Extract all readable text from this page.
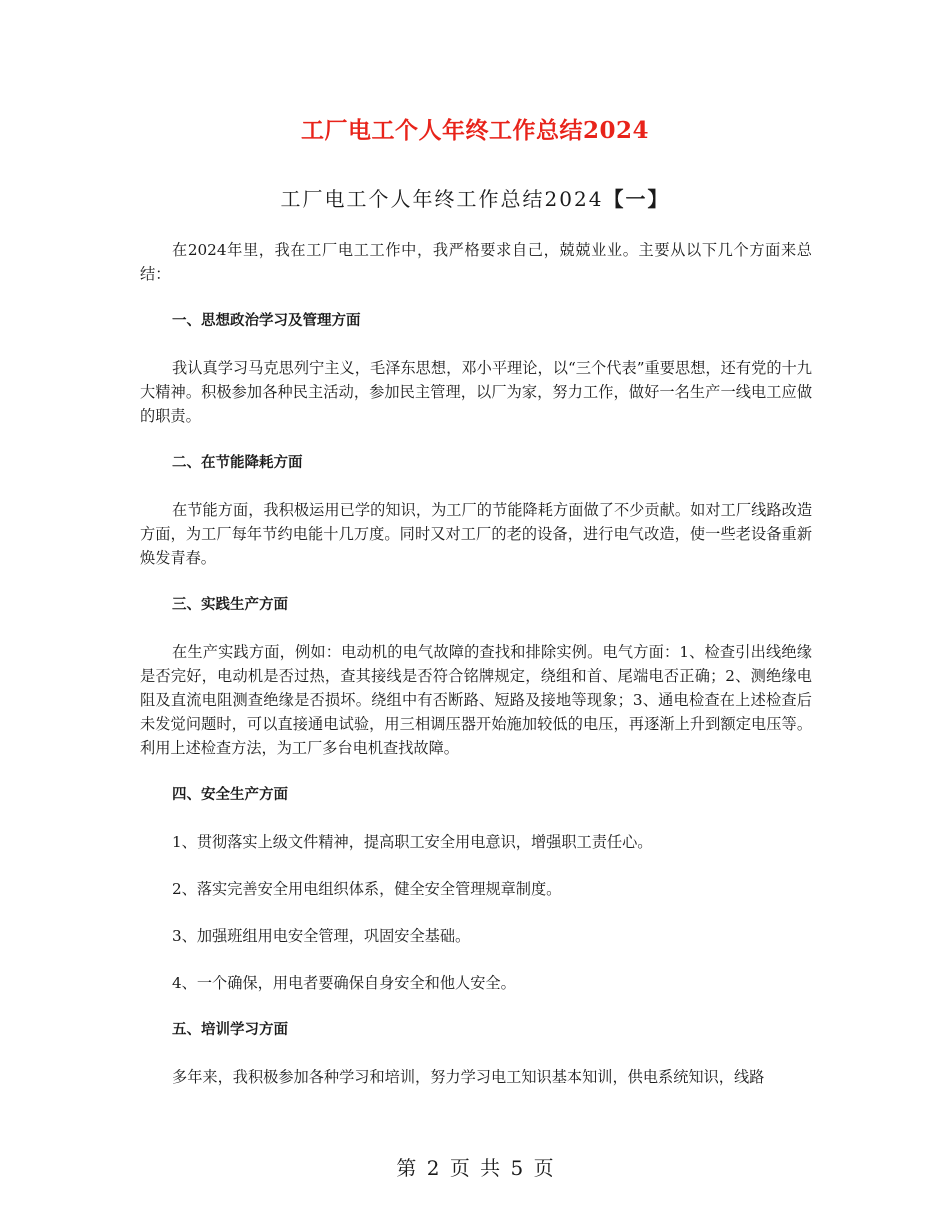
工厂电工个人年终工作总结2024
工厂电工个人年终工作总结2024【一】

在2024年里，我在工厂电工工作中，我严格要求自己，兢兢业业。主要从以下几个方面来总结：

一、思想政治学习及管理方面

我认真学习马克思列宁主义，毛泽东思想，邓小平理论，以“三个代表”重要思想，还有党的十九大精神。积极参加各种民主活动，参加民主管理，以厂为家，努力工作，做好一名生产一线电工应做的职责。

二、在节能降耗方面

在节能方面，我积极运用已学的知识，为工厂的节能降耗方面做了不少贡献。如对工厂线路改造方面，为工厂每年节约电能十几万度。同时又对工厂的老的设备，进行电气改造，使一些老设备重新焕发青春。

三、实践生产方面

在生产实践方面，例如：电动机的电气故障的查找和排除实例。电气方面：1、检查引出线绝缘是否完好，电动机是否过热，查其接线是否符合铭牌规定，绕组和首、尾端电否正确；2、测绝缘电阻及直流电阻测查绝缘是否损坏。绕组中有否断路、短路及接地等现象；3、通电检查在上述检查后未发觉问题时，可以直接通电试验，用三相调压器开始施加较低的电压，再逐渐上升到额定电压等。利用上述检查方法，为工厂多台电机查找故障。

四、安全生产方面

1、贯彻落实上级文件精神，提高职工安全用电意识，增强职工责任心。

2、落实完善安全用电组织体系，健全安全管理规章制度。

3、加强班组用电安全管理，巩固安全基础。

4、一个确保，用电者要确保自身安全和他人安全。

五、培训学习方面

多年来，我积极参加各种学习和培训，努力学习电工知识基本知训，供电系统知识，线路

第 2 页 共 5 页
